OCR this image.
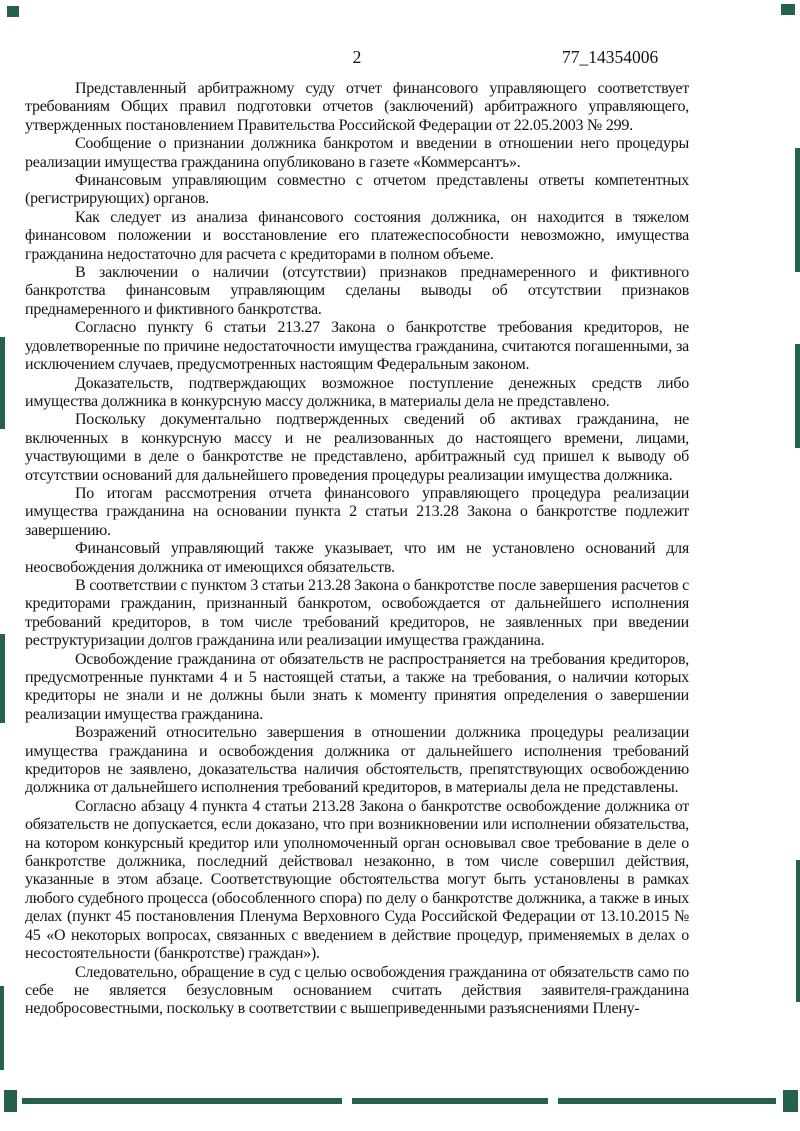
2	77_14354006

Представленный арбитражному суду отчет финансового управляющего соответствует требованиям Общих правил подготовки отчетов (заключений) арбитражного управляющего, утвержденных постановлением Правительства Российской Федерации от 22.05.2003 № 299.

Сообщение о признании должника банкротом и введении в отношении него процедуры реализации имущества гражданина опубликовано в газете «Коммерсантъ».

Финансовым управляющим совместно с отчетом представлены ответы компетентных (регистрирующих) органов.

Как следует из анализа финансового состояния должника, он находится в тяжелом финансовом положении и восстановление его платежеспособности невозможно, имущества гражданина недостаточно для расчета с кредиторами в полном объеме.

В заключении о наличии (отсутствии) признаков преднамеренного и фиктивного банкротства финансовым управляющим сделаны выводы об отсутствии признаков преднамеренного и фиктивного банкротства.

Согласно пункту 6 статьи 213.27 Закона о банкротстве требования кредиторов, не удовлетворенные по причине недостаточности имущества гражданина, считаются погашенными, за исключением случаев, предусмотренных настоящим Федеральным законом.

Доказательств, подтверждающих возможное поступление денежных средств либо имущества должника в конкурсную массу должника, в материалы дела не представлено.

Поскольку документально подтвержденных сведений об активах гражданина, не включенных в конкурсную массу и не реализованных до настоящего времени, лицами, участвующими в деле о банкротстве не представлено, арбитражный суд пришел к выводу об отсутствии оснований для дальнейшего проведения процедуры реализации имущества должника.

По итогам рассмотрения отчета финансового управляющего процедура реализации имущества гражданина на основании пункта 2 статьи 213.28 Закона о банкротстве подлежит завершению.

Финансовый управляющий также указывает, что им не установлено оснований для неосвобождения должника от имеющихся обязательств.

В соответствии с пунктом 3 статьи 213.28 Закона о банкротстве после завершения расчетов с кредиторами гражданин, признанный банкротом, освобождается от дальнейшего исполнения требований кредиторов, в том числе требований кредиторов, не заявленных при введении реструктуризации долгов гражданина или реализации имущества гражданина.

Освобождение гражданина от обязательств не распространяется на требования кредиторов, предусмотренные пунктами 4 и 5 настоящей статьи, а также на требования, о наличии которых кредиторы не знали и не должны были знать к моменту принятия определения о завершении реализации имущества гражданина.

Возражений относительно завершения в отношении должника процедуры реализации имущества гражданина и освобождения должника от дальнейшего исполнения требований кредиторов не заявлено, доказательства наличия обстоятельств, препятствующих освобождению должника от дальнейшего исполнения требований кредиторов, в материалы дела не представлены.

Согласно абзацу 4 пункта 4 статьи 213.28 Закона о банкротстве освобождение должника от обязательств не допускается, если доказано, что при возникновении или исполнении обязательства, на котором конкурсный кредитор или уполномоченный орган основывал свое требование в деле о банкротстве должника, последний действовал незаконно, в том числе совершил действия, указанные в этом абзаце. Соответствующие обстоятельства могут быть установлены в рамках любого судебного процесса (обособленного спора) по делу о банкротстве должника, а также в иных делах (пункт 45 постановления Пленума Верховного Суда Российской Федерации от 13.10.2015 № 45 «О некоторых вопросах, связанных с введением в действие процедур, применяемых в делах о несостоятельности (банкротстве) граждан»).

Следовательно, обращение в суд с целью освобождения гражданина от обязательств само по себе не является безусловным основанием считать действия заявителя-гражданина недобросовестными, поскольку в соответствии с вышеприведенными разъяснениями Плену-
